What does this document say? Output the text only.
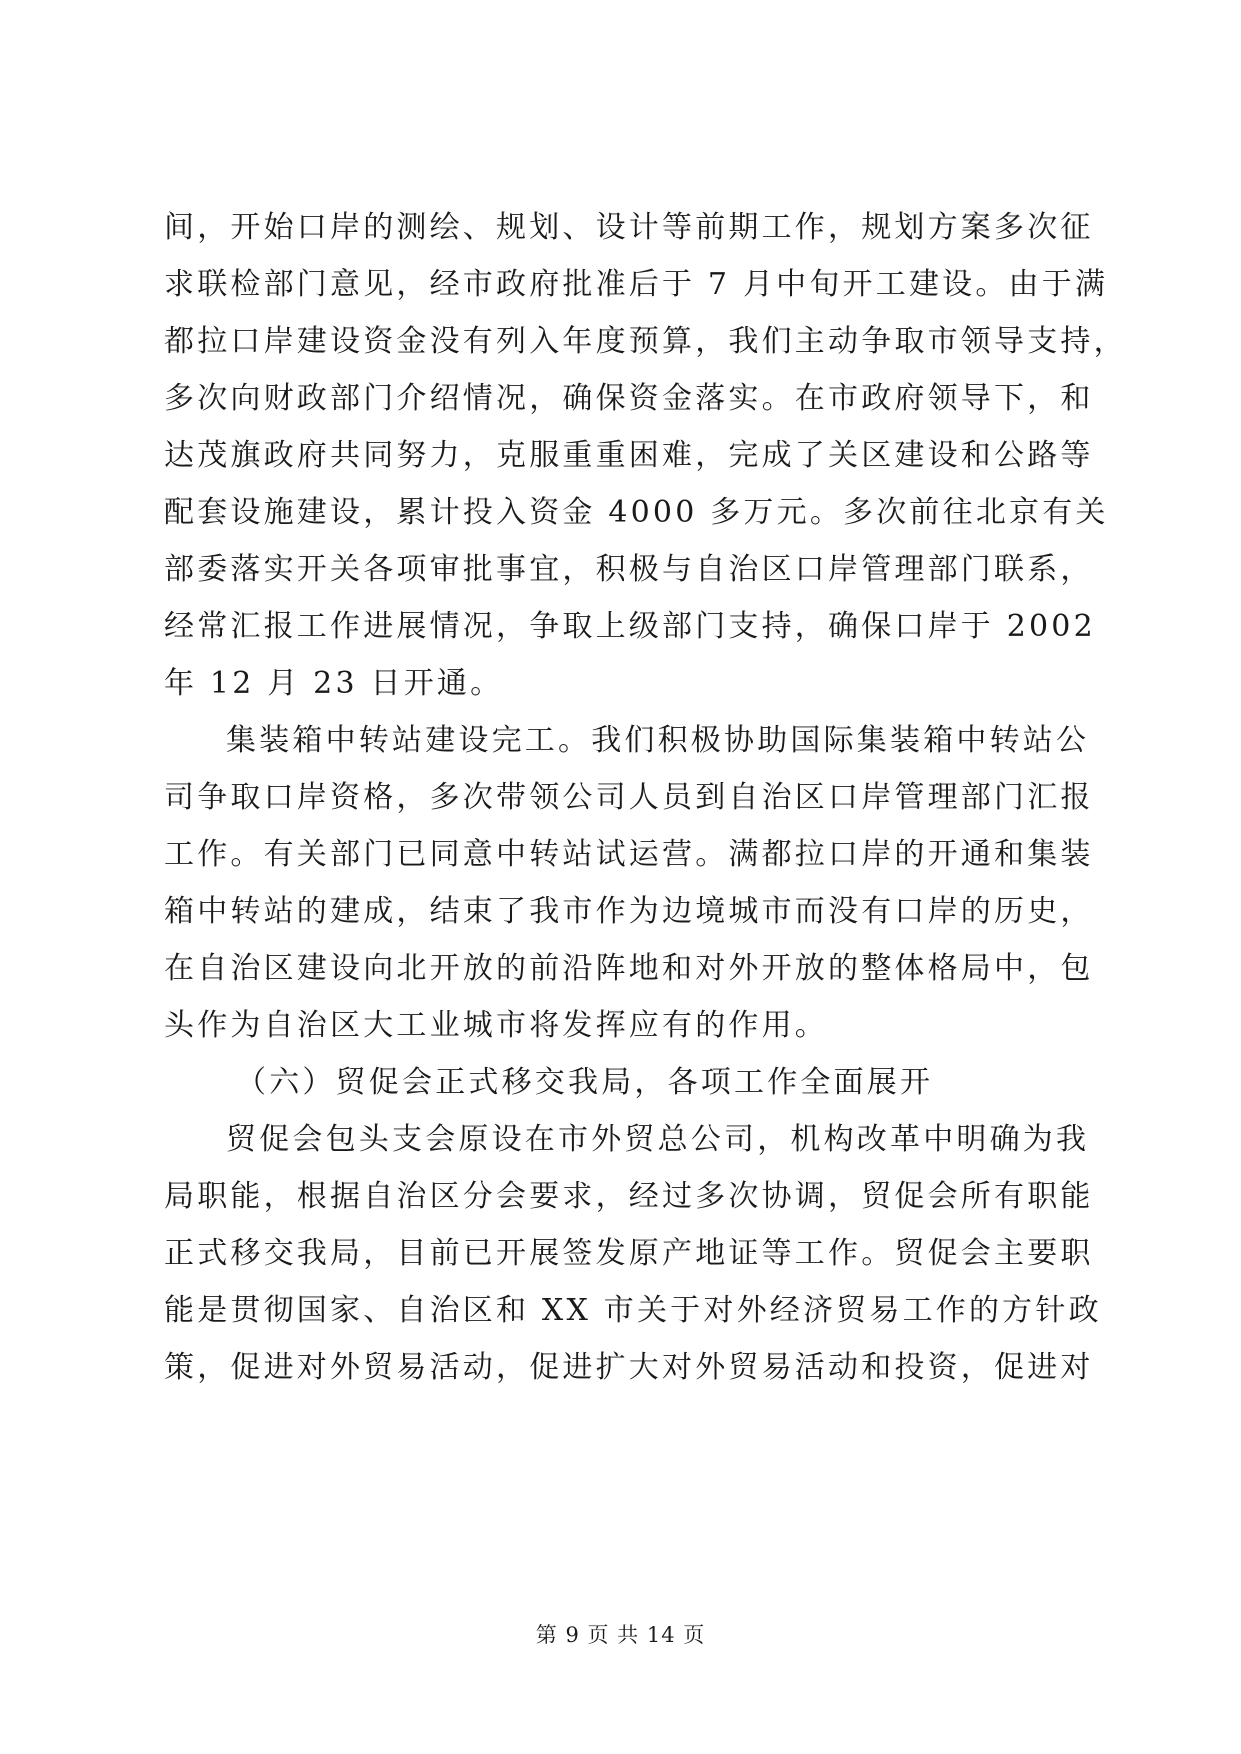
间，开始口岸的测绘、规划、设计等前期工作，规划方案多次征
求联检部门意见，经市政府批准后于 7 月中旬开工建设。由于满
都拉口岸建设资金没有列入年度预算，我们主动争取市领导支持，
多次向财政部门介绍情况，确保资金落实。在市政府领导下，和
达茂旗政府共同努力，克服重重困难，完成了关区建设和公路等
配套设施建设，累计投入资金 4000 多万元。多次前往北京有关
部委落实开关各项审批事宜，积极与自治区口岸管理部门联系，
经常汇报工作进展情况，争取上级部门支持，确保口岸于 2002
年 12 月 23 日开通。
集装箱中转站建设完工。我们积极协助国际集装箱中转站公
司争取口岸资格，多次带领公司人员到自治区口岸管理部门汇报
工作。有关部门已同意中转站试运营。满都拉口岸的开通和集装
箱中转站的建成，结束了我市作为边境城市而没有口岸的历史，
在自治区建设向北开放的前沿阵地和对外开放的整体格局中，包
头作为自治区大工业城市将发挥应有的作用。
（六）贸促会正式移交我局，各项工作全面展开
贸促会包头支会原设在市外贸总公司，机构改革中明确为我
局职能，根据自治区分会要求，经过多次协调，贸促会所有职能
正式移交我局，目前已开展签发原产地证等工作。贸促会主要职
能是贯彻国家、自治区和 XX 市关于对外经济贸易工作的方针政
策，促进对外贸易活动，促进扩大对外贸易活动和投资，促进对
第 9 页 共 14 页
